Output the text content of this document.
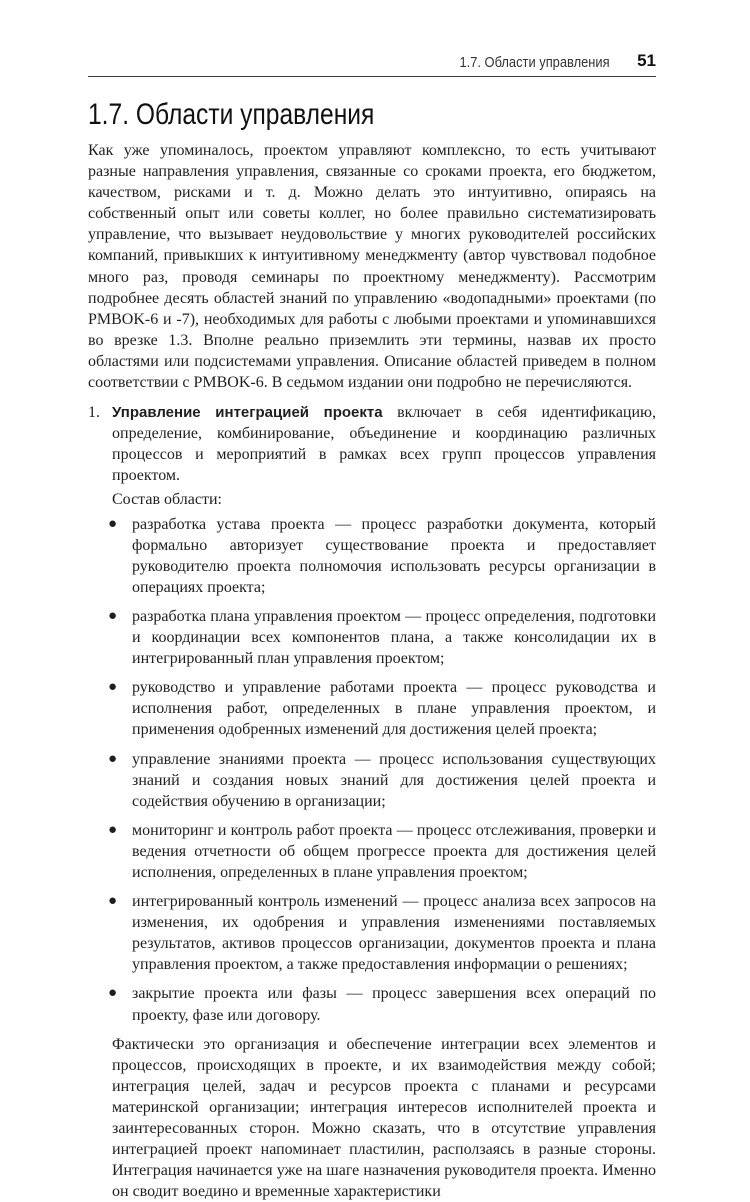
1.7. Области управления 51
1.7. Области управления

Как уже упоминалось, проектом управляют комплексно, то есть учитывают разные направления управления, связанные со сроками проекта, его бюджетом, качеством, рисками и т. д. Можно делать это интуитивно, опираясь на собственный опыт или советы коллег, но более правильно систематизировать управление, что вызывает неудовольствие у многих руководителей российских компаний, привыкших к интуитивному менеджменту (автор чувствовал подобное много раз, проводя семинары по проектному менеджменту). Рассмотрим подробнее десять областей знаний по управлению «водопадными» проектами (по PMBOK-6 и -7), необходимых для работы с любыми проектами и упоминавшихся во врезке 1.3. Вполне реально приземлить эти термины, назвав их просто областями или подсистемами управления. Описание областей приведем в полном соответствии с PMBOK-6. В седьмом издании они подробно не перечисляются.

1. Управление интеграцией проекта включает в себя идентификацию, определение, комбинирование, объединение и координацию различных процессов и мероприятий в рамках всех групп процессов управления проектом.

Состав области:

● разработка устава проекта — процесс разработки документа, который формально авторизует существование проекта и предоставляет руководителю проекта полномочия использовать ресурсы организации в операциях проекта;
● разработка плана управления проектом — процесс определения, подготовки и координации всех компонентов плана, а также консолидации их в интегрированный план управления проектом;
● руководство и управление работами проекта — процесс руководства и исполнения работ, определенных в плане управления проектом, и применения одобренных изменений для достижения целей проекта;
● управление знаниями проекта — процесс использования существующих знаний и создания новых знаний для достижения целей проекта и содействия обучению в организации;
● мониторинг и контроль работ проекта — процесс отслеживания, проверки и ведения отчетности об общем прогрессе проекта для достижения целей исполнения, определенных в плане управления проектом;
● интегрированный контроль изменений — процесс анализа всех запросов на изменения, их одобрения и управления изменениями поставляемых результатов, активов процессов организации, документов проекта и плана управления проектом, а также предоставления информации о решениях;
● закрытие проекта или фазы — процесс завершения всех операций по проекту, фазе или договору.

Фактически это организация и обеспечение интеграции всех элементов и процессов, происходящих в проекте, и их взаимодействия между собой; интеграция целей, задач и ресурсов проекта с планами и ресурсами материнской организации; интеграция интересов исполнителей проекта и заинтересованных сторон. Можно сказать, что в отсутствие управления интеграцией проект напоминает пластилин, расползаясь в разные стороны. Интеграция начинается уже на шаге назначения руководителя проекта. Именно он сводит воедино и временные характеристики
